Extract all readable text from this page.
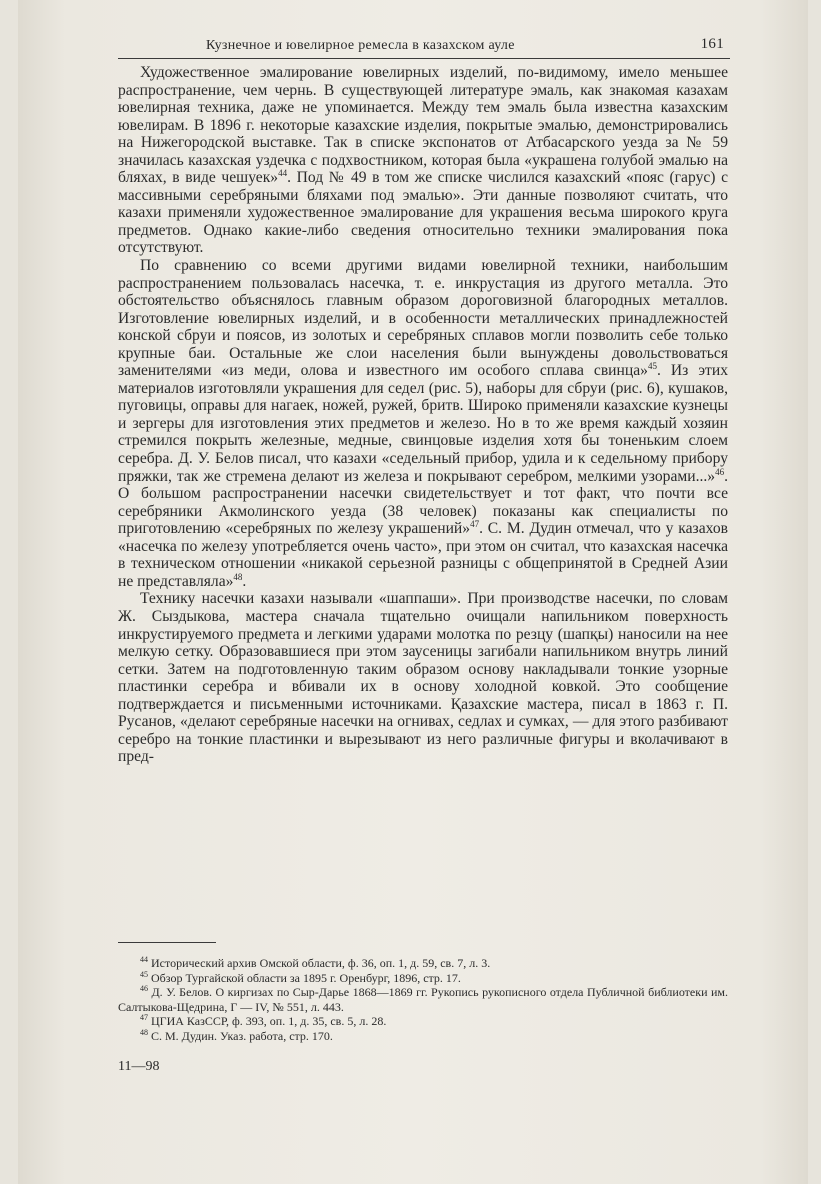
Кузнечное и ювелирное ремесла в казахском ауле	161

Художественное эмалирование ювелирных изделий, по-видимому, имело меньшее распространение, чем чернь. В существующей литературе эмаль, как знакомая казахам ювелирная техника, даже не упоминается. Между тем эмаль была известна казахским ювелирам. В 1896 г. некоторые казахские изделия, покрытые эмалью, демонстрировались на Нижегородской выставке. Так в списке экспонатов от Атбасарского уезда за № 59 значилась казахская уздечка с подхвостником, которая была «украшена голубой эмалью на бляхах, в виде чешуек»$^{44}$. Под № 49 в том же списке числился казахский «пояс (гарус) с массивными серебряными бляхами под эмалью». Эти данные позволяют считать, что казахи применяли художественное эмалирование для украшения весьма широкого круга предметов. Однако какие-либо сведения относительно техники эмалирования пока отсутствуют.

По сравнению со всеми другими видами ювелирной техники, наибольшим распространением пользовалась насечка, т. е. инкрустация из другого металла. Это обстоятельство объяснялось главным образом дороговизной благородных металлов. Изготовление ювелирных изделий, и в особенности металлических принадлежностей конской сбруи и поясов, из золотых и серебряных сплавов могли позволить себе только крупные баи. Остальные же слои населения были вынуждены довольствоваться заменителями «из меди, олова и известного им особого сплава свинца»$^{45}$. Из этих материалов изготовляли украшения для седел (рис. 5), наборы для сбруи (рис. 6), кушаков, пуговицы, оправы для нагаек, ножей, ружей, бритв. Широко применяли казахские кузнецы и зергеры для изготовления этих предметов и железо. Но в то же время каждый хозяин стремился покрыть железные, медные, свинцовые изделия хотя бы тоненьким слоем серебра. Д. У. Белов писал, что казахи «седельный прибор, удила и к седельному прибору пряжки, так же стремена делают из железа и покрывают серебром, мелкими узорами...»$^{46}$. О большом распространении насечки свидетельствует и тот факт, что почти все серебряники Акмолинского уезда (38 человек) показаны как специалисты по приготовлению «серебряных по железу украшений»$^{47}$. С. М. Дудин отмечал, что у казахов «насечка по железу употребляется очень часто», при этом он считал, что казахская насечка в техническом отношении «никакой серьезной разницы с общепринятой в Средней Азии не представляла»$^{48}$.

Технику насечки казахи называли «шаппаши». При производстве насечки, по словам Ж. Сыздыкова, мастера сначала тщательно очищали напильником поверхность инкрустируемого предмета и легкими ударами молотка по резцу (шапқы) наносили на нее мелкую сетку. Образовавшиеся при этом заусеницы загибали напильником внутрь линий сетки. Затем на подготовленную таким образом основу накладывали тонкие узорные пластинки серебра и вбивали их в основу холодной ковкой. Это сообщение подтверждается и письменными источниками. Қазахские мастера, писал в 1863 г. П. Русанов, «делают серебряные насечки на огнивах, седлах и сумках, — для этого разбивают серебро на тонкие пластинки и вырезывают из него различные фигуры и вколачивают в пред-

$^{44}$ Исторический архив Омской области, ф. 36, оп. 1, д. 59, св. 7, л. 3.

$^{45}$ Обзор Тургайской области за 1895 г. Оренбург, 1896, стр. 17.

$^{46}$ Д. У. Белов. О киргизах по Сыр-Дарье 1868—1869 гг. Рукопись рукописного отдела Публичной библиотеки им. Салтыкова-Щедрина, Г — IV, № 551, л. 443.

$^{47}$ ЦГИА КазССР, ф. 393, оп. 1, д. 35, св. 5, л. 28.

$^{48}$ С. М. Дудин. Указ. работа, стр. 170.

11—98
